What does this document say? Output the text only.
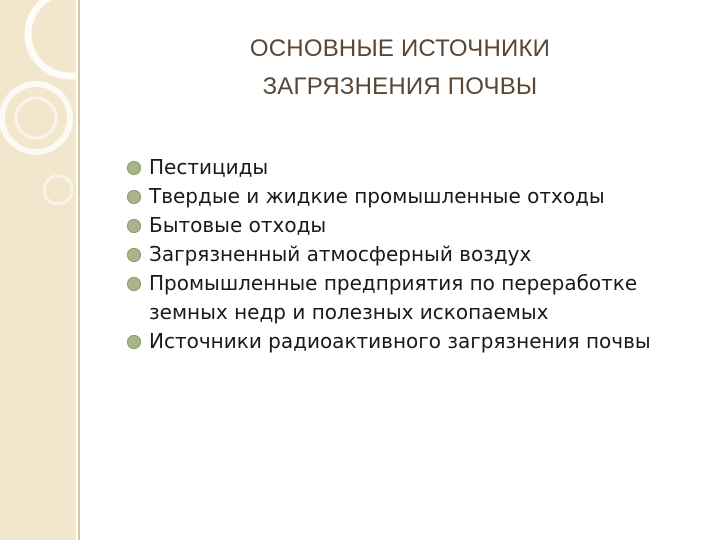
ОСНОВНЫЕ ИСТОЧНИКИ
ЗАГРЯЗНЕНИЯ ПОЧВЫ
Пестициды
Твердые и жидкие промышленные отходы
Бытовые отходы
Загрязненный атмосферный воздух
Промышленные предприятия по переработке земных недр и полезных ископаемых
Источники радиоактивного загрязнения почвы
